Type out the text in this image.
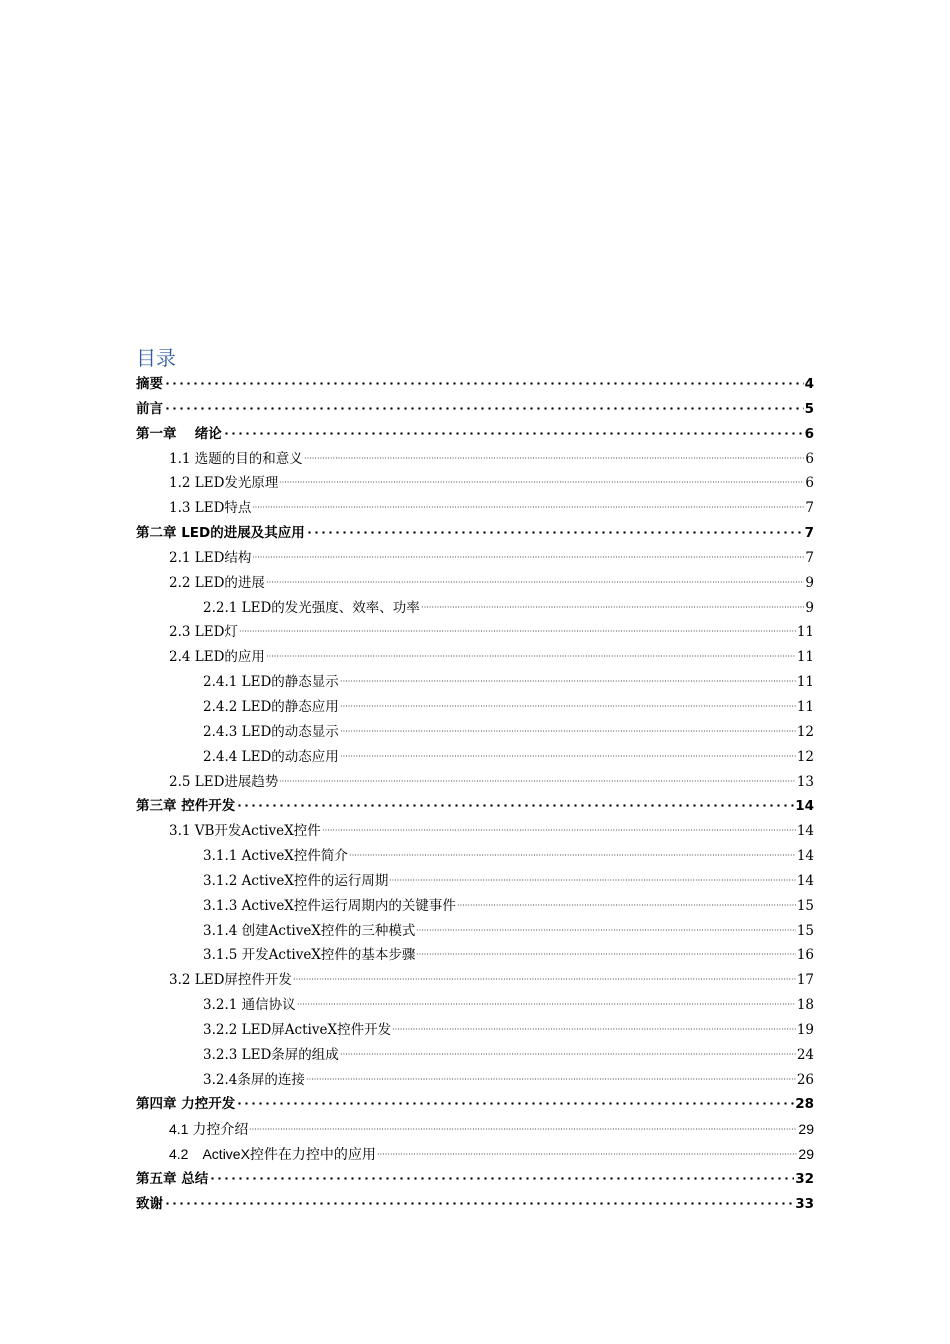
目录
摘要	4
前言	5
第一章　 绪论	6
1.1 选题的目的和意义	6
1.2 LED发光原理	6
1.3 LED特点	7
第二章 LED的进展及其应用	7
2.1 LED结构	7
2.2 LED的进展	9
2.2.1 LED的发光强度、效率、功率	9
2.3 LED灯	11
2.4 LED的应用	11
2.4.1 LED的静态显示	11
2.4.2 LED的静态应用	11
2.4.3 LED的动态显示	12
2.4.4 LED的动态应用	12
2.5 LED进展趋势	13
第三章 控件开发	14
3.1 VB开发ActiveX控件	14
3.1.1 ActiveX控件简介	14
3.1.2 ActiveX控件的运行周期	14
3.1.3 ActiveX控件运行周期内的关键事件	15
3.1.4 创建ActiveX控件的三种模式	15
3.1.5 开发ActiveX控件的基本步骤	16
3.2 LED屏控件开发	17
3.2.1 通信协议	18
3.2.2 LED屏ActiveX控件开发	19
3.2.3 LED条屏的组成	24
3.2.4条屏的连接	26
第四章 力控开发	28
4.1 力控介绍	29
4.2　ActiveX控件在力控中的应用	29
第五章 总结	32
致谢	33
